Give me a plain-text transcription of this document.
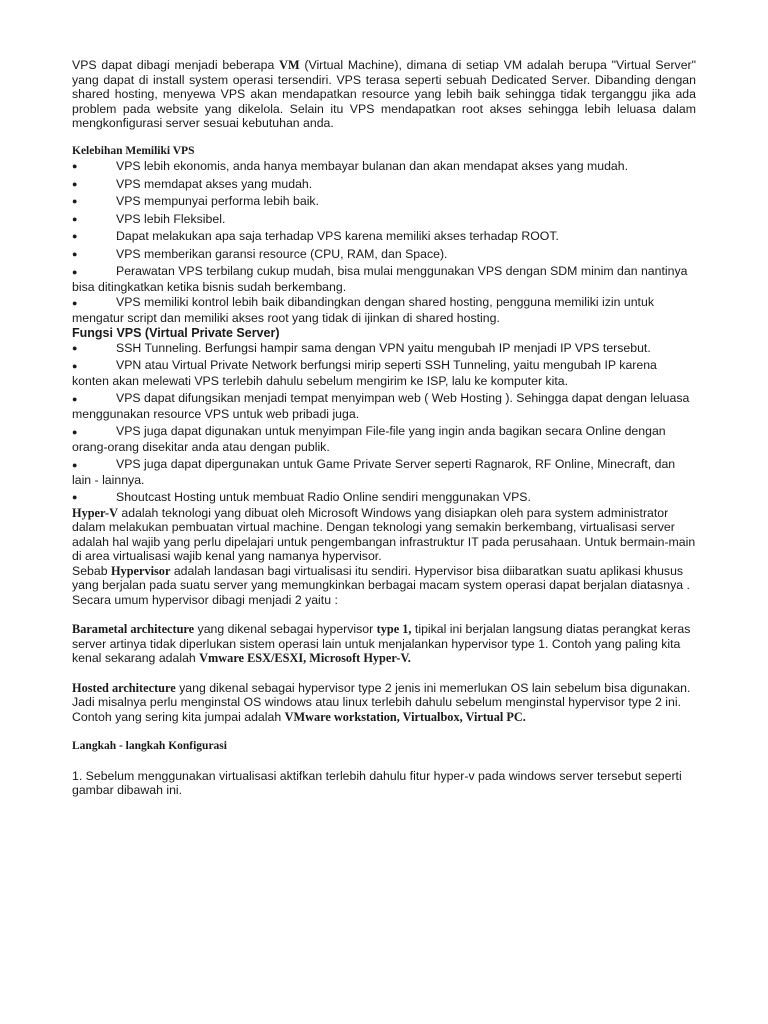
VPS dapat dibagi menjadi beberapa VM (Virtual Machine), dimana di setiap VM adalah berupa "Virtual Server" yang dapat di install system operasi tersendiri. VPS terasa seperti sebuah Dedicated Server. Dibanding dengan shared hosting, menyewa VPS akan mendapatkan resource yang lebih baik sehingga tidak terganggu jika ada problem pada website yang dikelola. Selain itu VPS mendapatkan root akses sehingga lebih leluasa dalam mengkonfigurasi server sesuai kebutuhan anda.

Kelebihan Memiliki VPS

●	VPS lebih ekonomis, anda hanya membayar bulanan dan akan mendapat akses yang mudah.
●	VPS memdapat akses yang mudah.
●	VPS mempunyai performa lebih baik.
●	VPS lebih Fleksibel.
●	Dapat melakukan apa saja terhadap VPS karena memiliki akses terhadap ROOT.
●	VPS memberikan garansi resource (CPU, RAM, dan Space).
●	Perawatan VPS terbilang cukup mudah, bisa mulai menggunakan VPS dengan SDM minim dan nantinya bisa ditingkatkan ketika bisnis sudah berkembang.
●	VPS memiliki kontrol lebih baik dibandingkan dengan shared hosting, pengguna memiliki izin untuk mengatur script dan memiliki akses root yang tidak di ijinkan di shared hosting.

Fungsi VPS (Virtual Private Server)

●	SSH Tunneling. Berfungsi hampir sama dengan VPN yaitu mengubah IP menjadi IP VPS tersebut.
●	VPN atau Virtual Private Network berfungsi mirip seperti SSH Tunneling, yaitu mengubah IP karena konten akan melewati VPS terlebih dahulu sebelum mengirim ke ISP, lalu ke komputer kita.
●	VPS dapat difungsikan menjadi tempat menyimpan web ( Web Hosting ). Sehingga dapat dengan leluasa menggunakan resource VPS untuk web pribadi juga.
●	VPS juga dapat digunakan untuk menyimpan File-file yang ingin anda bagikan secara Online dengan orang-orang disekitar anda atau dengan publik.
●	VPS juga dapat dipergunakan untuk Game Private Server seperti Ragnarok, RF Online, Minecraft, dan lain - lainnya.
●	Shoutcast Hosting untuk membuat Radio Online sendiri menggunakan VPS.

Hyper-V adalah teknologi yang dibuat oleh Microsoft Windows yang disiapkan oleh para system administrator dalam melakukan pembuatan virtual machine. Dengan teknologi yang semakin berkembang, virtualisasi server adalah hal wajib yang perlu dipelajari untuk pengembangan infrastruktur IT pada perusahaan. Untuk bermain-main di area virtualisasi wajib kenal yang namanya hypervisor.

Sebab Hypervisor adalah landasan bagi virtualisasi itu sendiri. Hypervisor bisa diibaratkan suatu aplikasi khusus yang berjalan pada suatu server yang memungkinkan berbagai macam system operasi dapat berjalan diatasnya . Secara umum hypervisor dibagi menjadi 2 yaitu :

Barametal architecture yang dikenal sebagai hypervisor type 1, tipikal ini berjalan langsung diatas perangkat keras server artinya tidak diperlukan sistem operasi lain untuk menjalankan hypervisor type 1. Contoh yang paling kita kenal sekarang adalah Vmware ESX/ESXI, Microsoft Hyper-V.

Hosted architecture yang dikenal sebagai hypervisor type 2 jenis ini memerlukan OS lain sebelum bisa digunakan. Jadi misalnya perlu menginstal OS windows atau linux terlebih dahulu sebelum menginstal hypervisor type 2 ini. Contoh yang sering kita jumpai adalah VMware workstation, Virtualbox, Virtual PC.

Langkah - langkah Konfigurasi

1. Sebelum menggunakan virtualisasi aktifkan terlebih dahulu fitur hyper-v pada windows server tersebut seperti gambar dibawah ini.
